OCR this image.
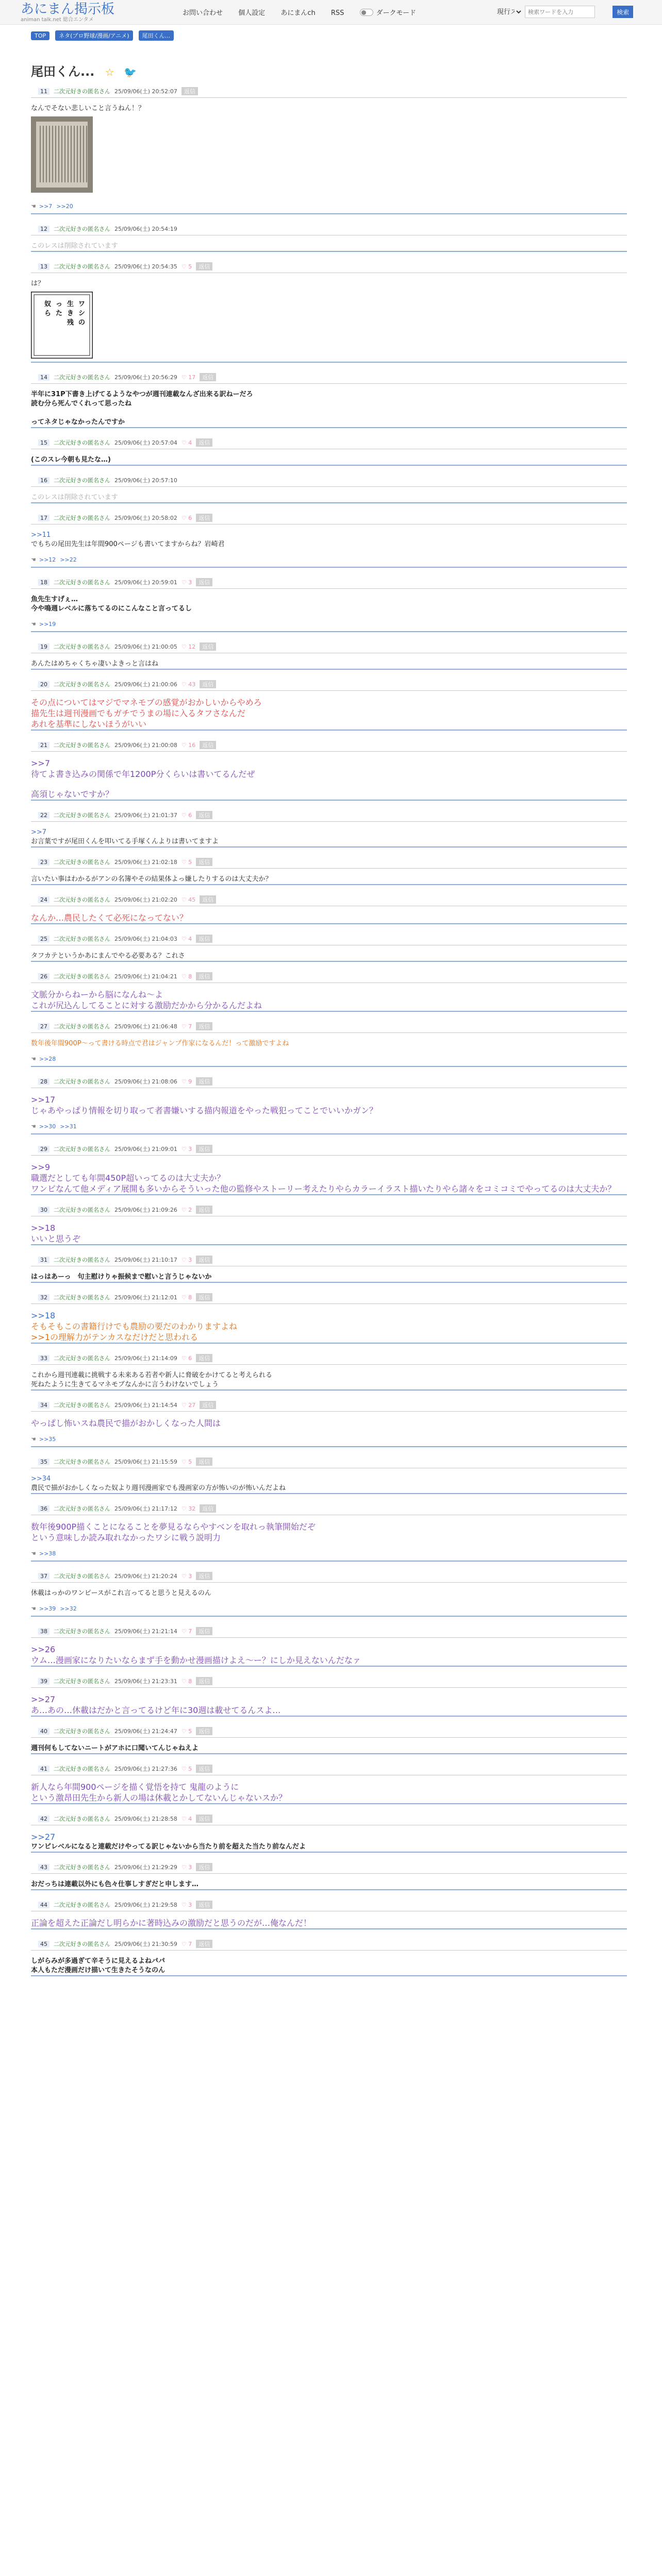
あにまん掲示板
animan talk.net 総合エンタメ
お問い合わせ 個人設定 あにまんch RSS	ダークモード
現行スレ 検索ワードを入力	検索
TOP ネタ(プロ野球/漫画/アニメ) 尾田くん...
尾田くん... ☆ 🐦
11 二次元好きの匿名さん 25/09/06(土) 20:52:07 返信
なんでそない悲しいこと言うねん！？
☚ >>7 >>20
12 二次元好きの匿名さん 25/09/06(土) 20:54:19
このレスは削除されています
13 二次元好きの匿名さん 25/09/06(土) 20:54:35 ♡ 5 返信
は？
ワ
シ
の
生
き
残
っ
た
奴
ら
14 二次元好きの匿名さん 25/09/06(土) 20:56:29 ♡ 17 返信
半年に31P下書き上げてるようなやつが週刊連載なんざ出来る訳ねーだろ
読む分ら死んでくれって思ったね
ってネタじゃなかったんですか
15 二次元好きの匿名さん 25/09/06(土) 20:57:04 ♡ 4 返信
(このスレ今朝も見たな…)
16 二次元好きの匿名さん 25/09/06(土) 20:57:10
このレスは削除されています
17 二次元好きの匿名さん 25/09/06(土) 20:58:02 ♡ 6 返信
>>11
でもちの尾田先生は年間900ページも書いてますからね？岩崎君
☚ >>12 >>22
18 二次元好きの匿名さん 25/09/06(土) 20:59:01 ♡ 3 返信
魚先生すげぇ…
今や鳴週レベルに落ちてるのにこんなこと言ってるし
☚ >>19
19 二次元好きの匿名さん 25/09/06(土) 21:00:05 ♡ 12 返信
あんたはめちゃくちゃ凄いよきっと言はね
20 二次元好きの匿名さん 25/09/06(土) 21:00:06 ♡ 43 返信
その点についてはマジでマネモブの感覚がおかしいからやめろ
描先生は週刊漫画でもガチでうまの場に入るタフさなんだ
あれを基準にしないほうがいい
21 二次元好きの匿名さん 25/09/06(土) 21:00:08 ♡ 16 返信
>>7
待てよ書き込みの関係で年1200P分くらいは書いてるんだぜ
高須じゃないですか？
22 二次元好きの匿名さん 25/09/06(土) 21:01:37 ♡ 6 返信
>>7
お言葉ですが尾田くんを叩いてる手塚くんよりは書いてますよ
23 二次元好きの匿名さん 25/09/06(土) 21:02:18 ♡ 5 返信
言いたい事はわかるがアンの名簿やその結果体よっ嫌したりするのは大丈夫か？
24 二次元好きの匿名さん 25/09/06(土) 21:02:20 ♡ 45 返信
なんか…農民したくて必死になってない？
25 二次元好きの匿名さん 25/09/06(土) 21:04:03 ♡ 4 返信
タフカテというかあにまんでやる必要ある？これさ
26 二次元好きの匿名さん 25/09/06(土) 21:04:21 ♡ 8 返信
文脈分からねーから脳になんね～よ
これが尻込んしてることに対する激励だかから分かるんだよね
27 二次元好きの匿名さん 25/09/06(土) 21:06:48 ♡ 7 返信
数年後年間900P～って書ける時点で君はジャンプ作家になるんだ！って激励ですよね
☚ >>28
28 二次元好きの匿名さん 25/09/06(土) 21:08:06 ♡ 9 返信
>>17
じゃあやっぱり情報を切り取って者書嫌いする描内報道をやった戦犯ってことでいいかガン？
☚ >>30 >>31
29 二次元好きの匿名さん 25/09/06(土) 21:09:01 ♡ 3 返信
>>9
職選だとしても年間450P超いってるのは大丈夫か？
ワンピなんて他メディア展開も多いからそういった他の監修やストーリー考えたりやらカラーイラスト描いたりやら諸々をコミコミでやってるのは大丈夫か？
30 二次元好きの匿名さん 25/09/06(土) 21:09:26 ♡ 2 返信
>>18
いいと思うぞ
31 二次元好きの匿名さん 25/09/06(土) 21:10:17 ♡ 3 返信
はっはあーっ　句主慰けりゃ振候まで慰いと言うじゃないか
32 二次元好きの匿名さん 25/09/06(土) 21:12:01 ♡ 8 返信
>>18
そもそもこの書籍行けでも農励の要だのわかりますよね
>>1の理解力がテンカスなだけだと思われる
33 二次元好きの匿名さん 25/09/06(土) 21:14:09 ♡ 6 返信
これから週刊連載に挑戦する未来ある若者や新人に脅破をかけてると考えられる
死ねたように生きてるマネモブなんかに言うわけないでしょう
34 二次元好きの匿名さん 25/09/06(土) 21:14:54 ♡ 27 返信
やっぱし怖いスね農民で描がおかしくなった人間は
☚ >>35
35 二次元好きの匿名さん 25/09/06(土) 21:15:59 ♡ 5 返信
>>34
農民で描がおかしくなった奴より週刊漫画家でも漫画家の方が怖いのが怖いんだよね
36 二次元好きの匿名さん 25/09/06(土) 21:17:12 ♡ 32 返信
数年後900P描くことになることを夢見るならやすべンを取れっ執筆開始だぞ
という意味しか読み取れなかったワシに戦う説明力
☚ >>38
37 二次元好きの匿名さん 25/09/06(土) 21:20:24 ♡ 3 返信
休載はっかのワンピースがこれ言ってると思うと見えるのん
☚ >>39 >>32
38 二次元好きの匿名さん 25/09/06(土) 21:21:14 ♡ 7 返信
>>26
ウム…漫画家になりたいならまず手を動かせ漫画描けよえ～ー？にしか見えないんだなァ
39 二次元好きの匿名さん 25/09/06(土) 21:23:31 ♡ 8 返信
>>27
あ…あの…休載はだかと言ってるけど年に30週は載せてるんスよ…
40 二次元好きの匿名さん 25/09/06(土) 21:24:47 ♡ 5 返信
週刊何もしてないニートがアホに口聞いてんじゃねえよ
41 二次元好きの匿名さん 25/09/06(土) 21:27:36 ♡ 5 返信
新人なら年間900ページを描く覚悟を持て 鬼龍のように
という激昂田先生から新人の場は休載とかしてないんじゃないスか？
42 二次元好きの匿名さん 25/09/06(土) 21:28:58 ♡ 4 返信
>>27
ワンピレベルになると連載だけやってる訳じゃないから当たり前を超えた当たり前なんだよ
43 二次元好きの匿名さん 25/09/06(土) 21:29:29 ♡ 3 返信
おだっちは連載以外にも色々仕事しすぎだと申します…
44 二次元好きの匿名さん 25/09/06(土) 21:29:58 ♡ 3 返信
正論を超えた正論だし明らかに著時込みの激励だと思うのだが…俺なんだ！
45 二次元好きの匿名さん 25/09/06(土) 21:30:59 ♡ 7 返信
しがらみが多過ぎて辛そうに見えるよねパパ
本人もただ漫画だけ描いて生きたそうなのん
